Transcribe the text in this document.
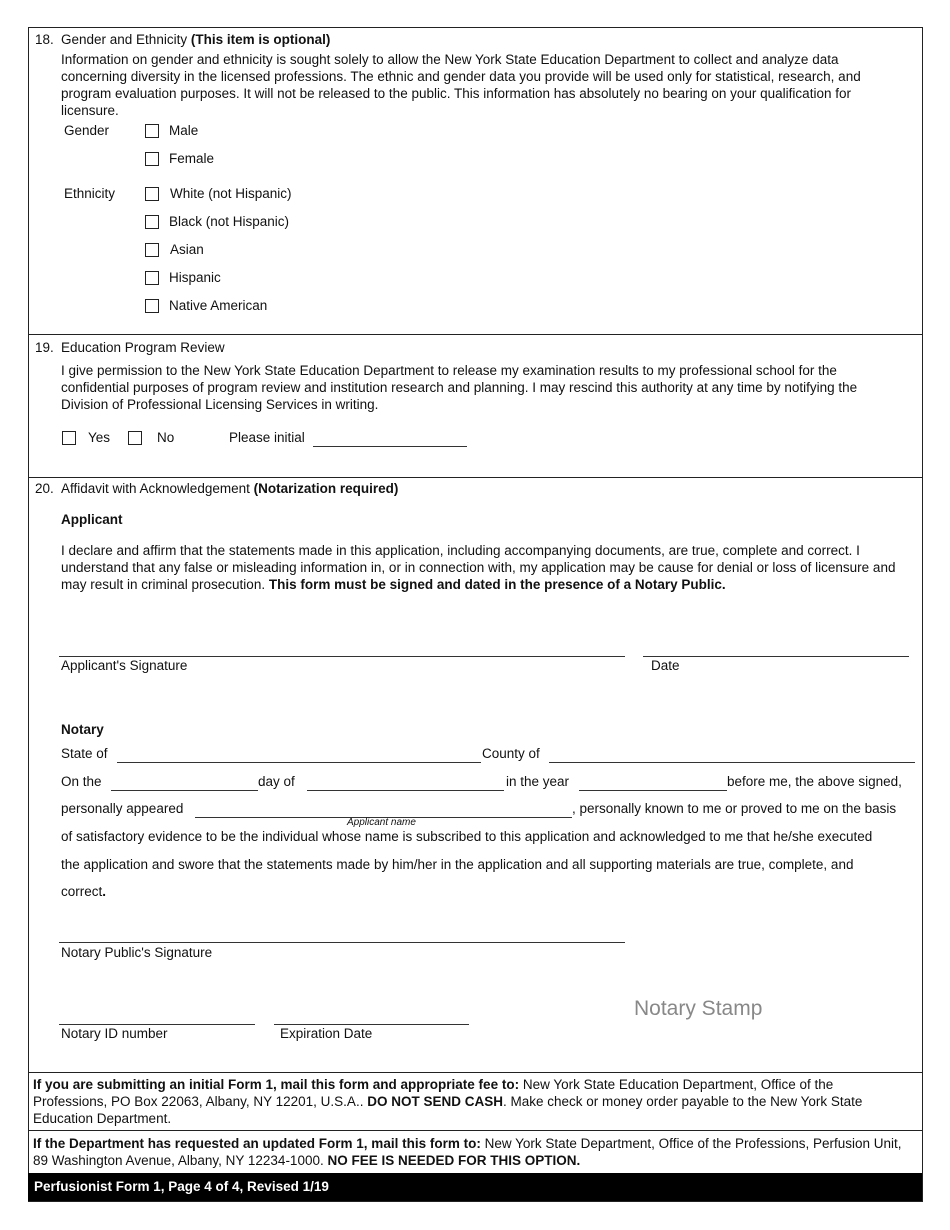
18. Gender and Ethnicity (This item is optional)
Information on gender and ethnicity is sought solely to allow the New York State Education Department to collect and analyze data concerning diversity in the licensed professions. The ethnic and gender data you provide will be used only for statistical, research, and program evaluation purposes. It will not be released to the public. This information has absolutely no bearing on your qualification for licensure.
Gender	Male
Female
Ethnicity	White (not Hispanic)
Black (not Hispanic)
Asian
Hispanic
Native American
19. Education Program Review
I give permission to the New York State Education Department to release my examination results to my professional school for the confidential purposes of program review and institution research and planning. I may rescind this authority at any time by notifying the Division of Professional Licensing Services in writing.
Yes	No	Please initial
20. Affidavit with Acknowledgement (Notarization required)
Applicant
I declare and affirm that the statements made in this application, including accompanying documents, are true, complete and correct. I understand that any false or misleading information in, or in connection with, my application may be cause for denial or loss of licensure and may result in criminal prosecution. This form must be signed and dated in the presence of a Notary Public.
Applicant's Signature	Date
Notary
State of	County of
On the	day of	in the year	before me, the above signed,
personally appeared	, personally known to me or proved to me on the basis
Applicant name
of satisfactory evidence to be the individual whose name is subscribed to this application and acknowledged to me that he/she executed
the application and swore that the statements made by him/her in the application and all supporting materials are true, complete, and
correct.
Notary Public's Signature
Notary Stamp
Notary ID number	Expiration Date
If you are submitting an initial Form 1, mail this form and appropriate fee to: New York State Education Department, Office of the Professions, PO Box 22063, Albany, NY 12201, U.S.A.. DO NOT SEND CASH. Make check or money order payable to the New York State Education Department.
If the Department has requested an updated Form 1, mail this form to: New York State Department, Office of the Professions, Perfusion Unit, 89 Washington Avenue, Albany, NY 12234-1000. NO FEE IS NEEDED FOR THIS OPTION.
Perfusionist Form 1, Page 4 of 4, Revised 1/19
